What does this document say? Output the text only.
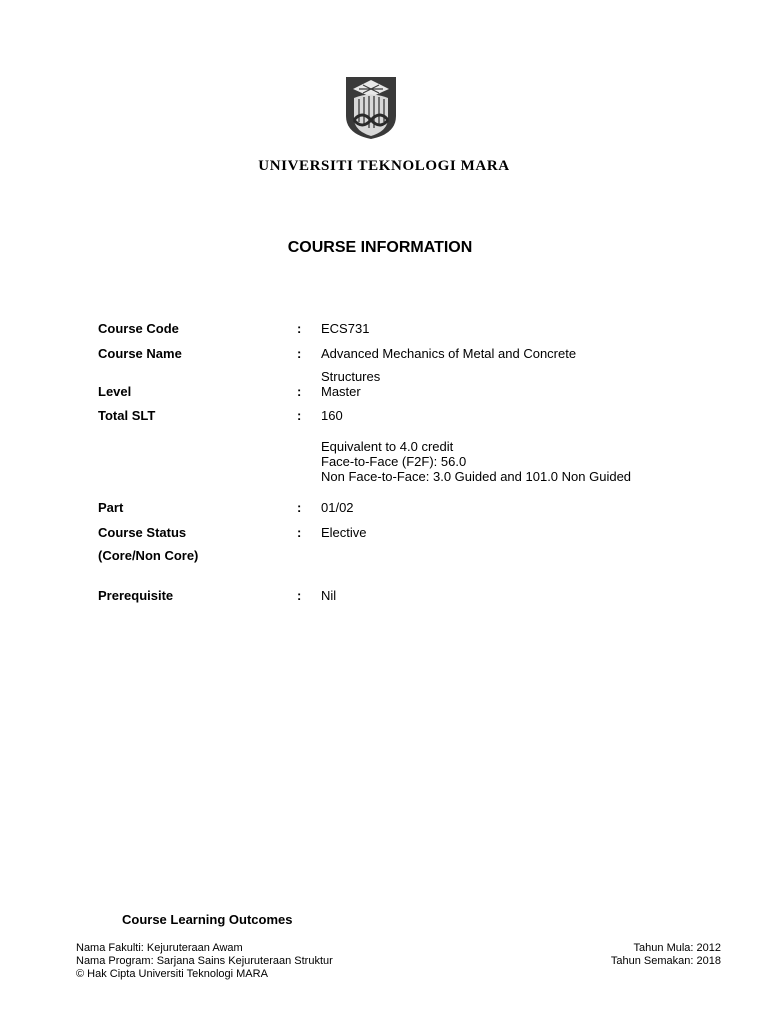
UNIVERSITI TEKNOLOGI MARA
COURSE INFORMATION
Course Code	: ECS731
Course Name	: Advanced Mechanics of Metal and Concrete
Structures
Level	: Master
Total SLT	: 160
Equivalent to 4.0 credit
Face-to-Face (F2F): 56.0
Non Face-to-Face: 3.0 Guided and 101.0 Non Guided
Part	: 01/02
Course Status	: Elective
(Core/Non Core)
Prerequisite	: Nil
Course Learning Outcomes
Nama Fakulti: Kejuruteraan Awam
Nama Program: Sarjana Sains Kejuruteraan Struktur
© Hak Cipta Universiti Teknologi MARA
Tahun Mula: 2012
Tahun Semakan: 2018
